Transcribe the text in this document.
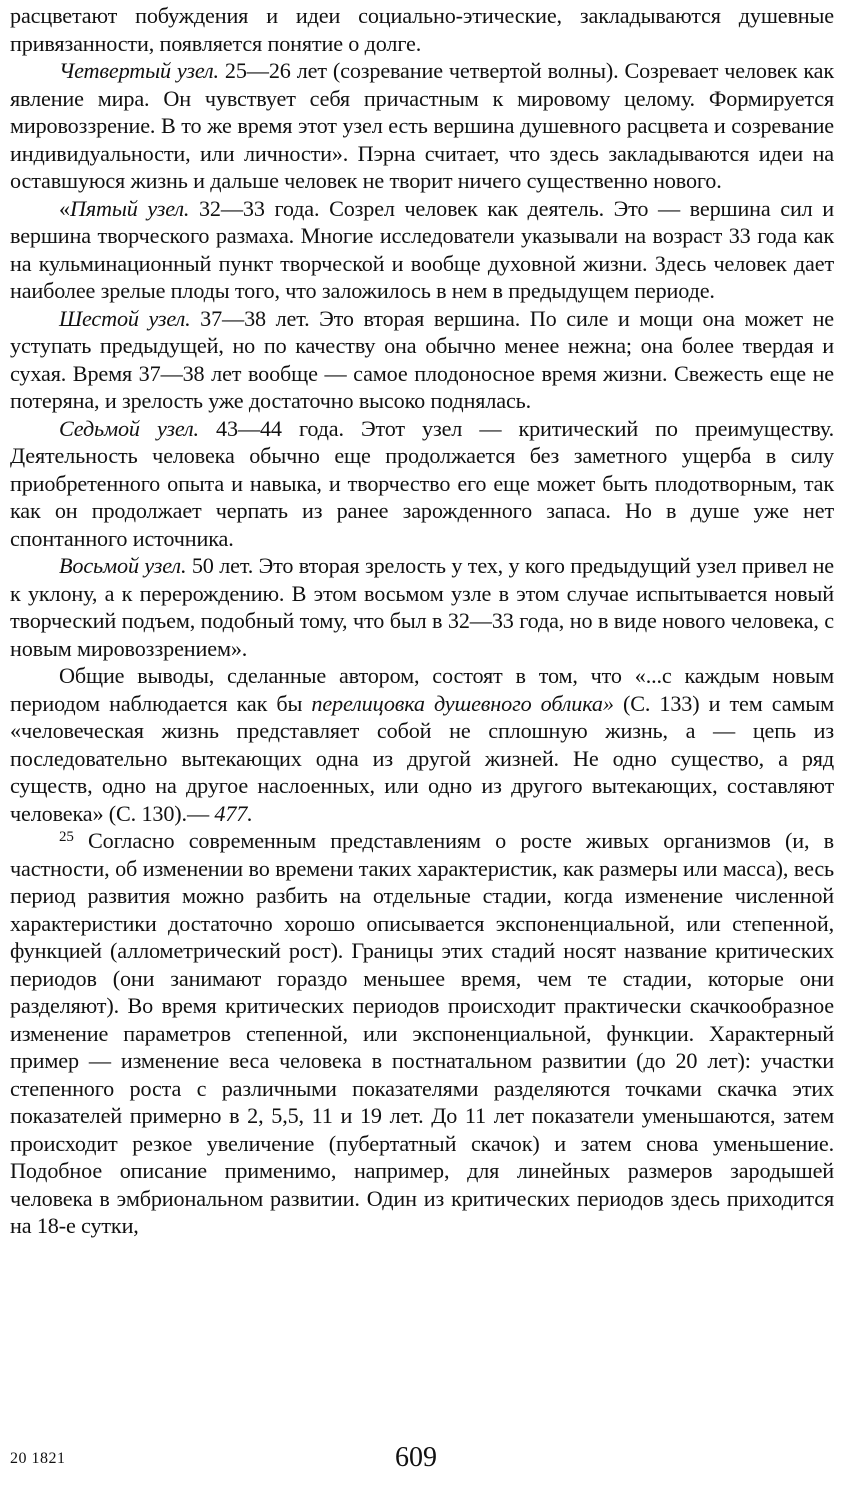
расцветают побуждения и идеи социально-этические, закладываются душевные привязанности, появляется понятие о долге.

Четвертый узел. 25—26 лет (созревание четвертой волны). Созревает человек как явление мира. Он чувствует себя причастным к мировому целому. Формируется мировоззрение. В то же время этот узел есть вершина душевного расцвета и созревание индивидуальности, или личности». Пэрна считает, что здесь закладываются идеи на оставшуюся жизнь и дальше человек не творит ничего существенно нового.

«Пятый узел. 32—33 года. Созрел человек как деятель. Это — вершина сил и вершина творческого размаха. Многие исследователи указывали на возраст 33 года как на кульминационный пункт творческой и вообще духовной жизни. Здесь человек дает наиболее зрелые плоды того, что заложилось в нем в предыдущем периоде.

Шестой узел. 37—38 лет. Это вторая вершина. По силе и мощи она может не уступать предыдущей, но по качеству она обычно менее нежна; она более твердая и сухая. Время 37—38 лет вообще — самое плодоносное время жизни. Свежесть еще не потеряна, и зрелость уже достаточно высоко поднялась.

Седьмой узел. 43—44 года. Этот узел — критический по преимуществу. Деятельность человека обычно еще продолжается без заметного ущерба в силу приобретенного опыта и навыка, и творчество его еще может быть плодотворным, так как он продолжает черпать из ранее зарожденного запаса. Но в душе уже нет спонтанного источника.

Восьмой узел. 50 лет. Это вторая зрелость у тех, у кого предыдущий узел привел не к уклону, а к перерождению. В этом восьмом узле в этом случае испытывается новый творческий подъем, подобный тому, что был в 32—33 года, но в виде нового человека, с новым мировоззрением».

Общие выводы, сделанные автором, состоят в том, что «...с каждым новым периодом наблюдается как бы перелицовка душевного облика» (С. 133) и тем самым «человеческая жизнь представляет собой не сплошную жизнь, а — цепь из последовательно вытекающих одна из другой жизней. Не одно существо, а ряд существ, одно на другое наслоенных, или одно из другого вытекающих, составляют человека» (С. 130).— 477.

$^{25}$ Согласно современным представлениям о росте живых организмов (и, в частности, об изменении во времени таких характеристик, как размеры или масса), весь период развития можно разбить на отдельные стадии, когда изменение численной характеристики достаточно хорошо описывается экспоненциальной, или степенной, функцией (аллометрический рост). Границы этих стадий носят название критических периодов (они занимают гораздо меньшее время, чем те стадии, которые они разделяют). Во время критических периодов происходит практически скачкообразное изменение параметров степенной, или экспоненциальной, функции. Характерный пример — изменение веса человека в постнатальном развитии (до 20 лет): участки степенного роста с различными показателями разделяются точками скачка этих показателей примерно в 2, 5,5, 11 и 19 лет. До 11 лет показатели уменьшаются, затем происходит резкое увеличение (пубертатный скачок) и затем снова уменьшение. Подобное описание применимо, например, для линейных размеров зародышей человека в эмбриональном развитии. Один из критических периодов здесь приходится на 18-е сутки,

20 1821	609
